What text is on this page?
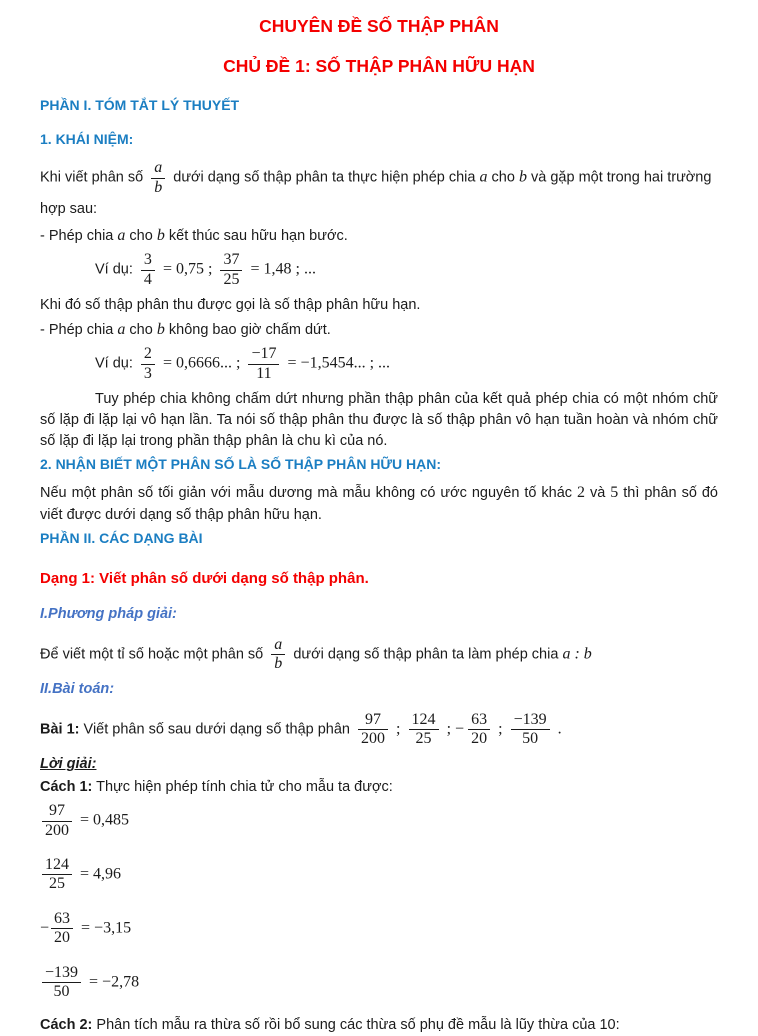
CHUYÊN ĐỀ SỐ THẬP PHÂN

CHỦ ĐỀ 1: SỐ THẬP PHÂN HỮU HẠN

PHẦN I. TÓM TẮT LÝ THUYẾT

1. KHÁI NIỆM:

Khi viết phân số $\frac{a}{b}$ dưới dạng số thập phân ta thực hiện phép chia a cho b và gặp một trong hai trường hợp sau:

- Phép chia a cho b kết thúc sau hữu hạn bước.

Ví dụ: $\frac{3}{4} = 0,75$ ; $\frac{37}{25} = 1,48$ ; ...

Khi đó số thập phân thu được gọi là số thập phân hữu hạn.

- Phép chia a cho b không bao giờ chấm dứt.

Ví dụ: $\frac{2}{3} = 0,6666$... ; $\frac{-17}{11} = -1,5454$... ; ...

Tuy phép chia không chấm dứt nhưng phần thập phân của kết quả phép chia có một nhóm chữ số lặp đi lặp lại vô hạn lần. Ta nói số thập phân thu được là số thập phân vô hạn tuần hoàn và nhóm chữ số lặp đi lặp lại trong phần thập phân là chu kì của nó.

2. NHẬN BIẾT MỘT PHÂN SỐ LÀ SỐ THẬP PHÂN HỮU HẠN:

Nếu một phân số tối giản với mẫu dương mà mẫu không có ước nguyên tố khác 2 và 5 thì phân số đó viết được dưới dạng số thập phân hữu hạn.

PHẦN II. CÁC DẠNG BÀI

Dạng 1: Viết phân số dưới dạng số thập phân.

I.Phương pháp giải:

Để viết một tỉ số hoặc một phân số $\frac{a}{b}$ dưới dạng số thập phân ta làm phép chia a : b

II.Bài toán:

Bài 1: Viết phân số sau dưới dạng số thập phân $\frac{97}{200}$ ; $\frac{124}{25}$ ; − $\frac{63}{20}$ ; $\frac{-139}{50}$ .

Lời giải:

Cách 1: Thực hiện phép tính chia tử cho mẫu ta được:

$\frac{97}{200} = 0,485$

$\frac{124}{25} = 4,96$

− $\frac{63}{20} = -3,15$

$\frac{-139}{50} = -2,78$

Cách 2: Phân tích mẫu ra thừa số rồi bổ sung các thừa số phụ đề mẫu là lũy thừa của 10:
